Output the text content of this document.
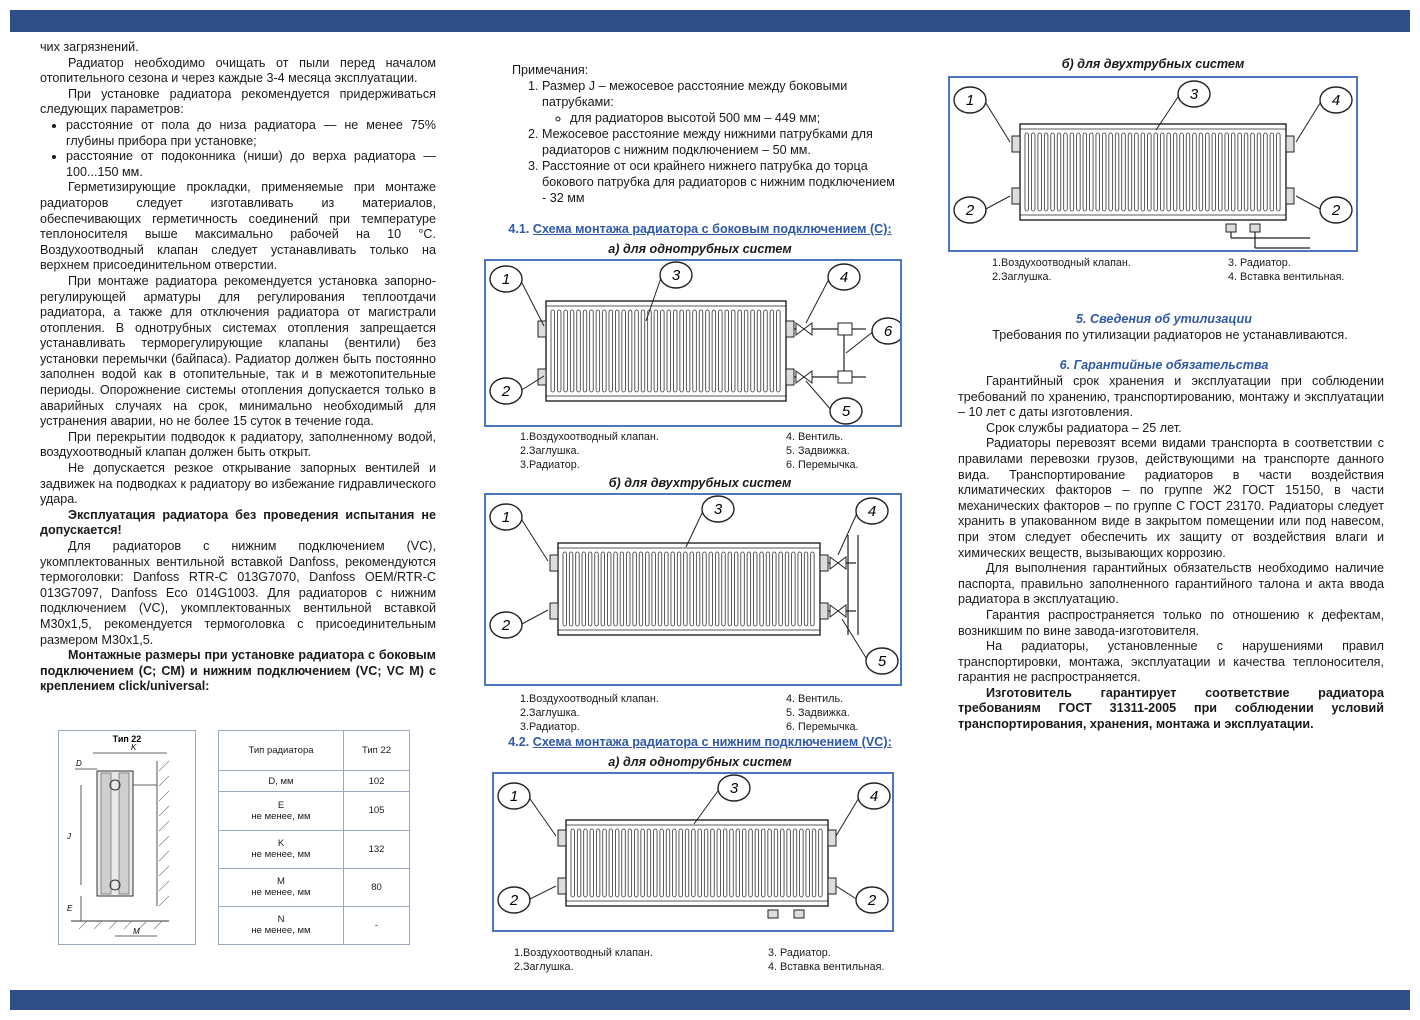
чих загрязнений.

Радиатор необходимо очищать от пыли перед началом отопительного сезона и через каждые 3-4 месяца эксплуатации.

При установке радиатора рекомендуется придерживаться следующих параметров:

• расстояние от пола до низа радиатора — не менее 75% глубины прибора при установке;
• расстояние от подоконника (ниши) до верха радиатора — 100...150 мм.

Герметизирующие прокладки, применяемые при монтаже радиаторов следует изготавливать из материалов, обеспечивающих герметичность соединений при температуре теплоносителя выше максимально рабочей на 10 °С. Воздухоотводный клапан следует устанавливать только на верхнем присоединительном отверстии.

При монтаже радиатора рекомендуется установка запорно-регулирующей арматуры для регулирования теплоотдачи радиатора, а также для отключения радиатора от магистрали отопления. В однотрубных системах отопления запрещается устанавливать терморегулирующие клапаны (вентили) без установки перемычки (байпаса). Радиатор должен быть постоянно заполнен водой как в отопительные, так и в межотопительные периоды. Опорожнение системы отопления допускается только в аварийных случаях на срок, минимально необходимый для устранения аварии, но не более 15 суток в течение года.

При перекрытии подводок к радиатору, заполненному водой, воздухоотводный клапан должен быть открыт.

Не допускается резкое открывание запорных вентилей и задвижек на подводках к радиатору во избежание гидравлического удара.

Эксплуатация радиатора без проведения испытания не допускается!

Для радиаторов с нижним подключением (VC), укомплектованных вентильной вставкой Danfoss, рекомендуются термоголовки: Danfoss RTR-C 013G7070, Danfoss OEM/RTR-C 013G7097, Danfoss Eco 014G1003. Для радиаторов с нижним подключением (VC), укомплектованных вентильной вставкой М30х1,5, рекомендуется термоголовка с присоединительным размером М30х1,5.

Монтажные размеры при установке радиатора с боковым подключением (С; СМ) и нижним подключением (VC; VC M) с креплением click/universal:

Тип 22
K
D
J
E
M
Тип радиатора	Тип 22
D, мм	102
E
не менее, мм	105
K
не менее, мм	132
M
не менее, мм	80
N
не менее, мм	-
Примечания:
1. Размер J – межосевое расстояние между боковыми патрубками:
◦ для радиаторов высотой 500 мм – 449 мм;
2. Межосевое расстояние между нижними патрубками для радиаторов с нижним подключением – 50 мм.
3. Расстояние от оси крайнего нижнего патрубка до торца бокового патрубка для радиаторов с нижним подключением - 32 мм
4.1. Схема монтажа радиатора с боковым подключением (С):
а) для однотрубных систем
1
2
3	4
5
6
1.Воздухоотводный клапан.
2.Заглушка.
3.Радиатор.
4. Вентиль.
5. Задвижка.
6. Перемычка.
б) для двухтрубных систем
1
2
3	4
5
1.Воздухоотводный клапан.
2.Заглушка.
3.Радиатор.
4. Вентиль.
5. Задвижка.
6. Перемычка.
4.2. Схема монтажа радиатора с нижним подключением (VC):
а) для однотрубных систем
1
2
3	4
2
1.Воздухоотводный клапан.
2.Заглушка.
3. Радиатор.
4. Вставка вентильная.
б) для двухтрубных систем
1
2
3	4
2
1.Воздухоотводный клапан.
2.Заглушка.
3. Радиатор.
4. Вставка вентильная.
5. Сведения об утилизации
Требования по утилизации радиаторов не устанавливаются.
6. Гарантийные обязательства

Гарантийный срок хранения и эксплуатации при соблюдении требований по хранению, транспортированию, монтажу и эксплуатации – 10 лет с даты изготовления.

Срок службы радиатора – 25 лет.

Радиаторы перевозят всеми видами транспорта в соответствии с правилами перевозки грузов, действующими на транспорте данного вида. Транспортирование радиаторов в части воздействия климатических факторов – по группе Ж2 ГОСТ 15150, в части механических факторов – по группе С ГОСТ 23170. Радиаторы следует хранить в упакованном виде в закрытом помещении или под навесом, при этом следует обеспечить их защиту от воздействия влаги и химических веществ, вызывающих коррозию.

Для выполнения гарантийных обязательств необходимо наличие паспорта, правильно заполненного гарантийного талона и акта ввода радиатора в эксплуатацию.

Гарантия распространяется только по отношению к дефектам, возникшим по вине завода-изготовителя.

На радиаторы, установленные с нарушениями правил транспортировки, монтажа, эксплуатации и качества теплоносителя, гарантия не распространяется.

Изготовитель гарантирует соответствие радиатора требованиям ГОСТ 31311-2005 при соблюдении условий транспортирования, хранения, монтажа и эксплуатации.
